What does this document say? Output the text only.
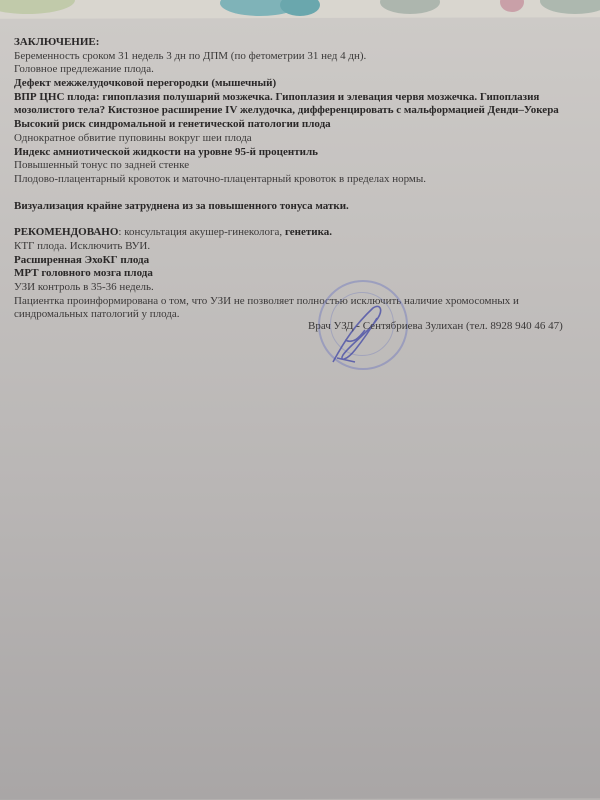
ЗАКЛЮЧЕНИЕ:
Беременность сроком 31 недель 3 дн по ДПМ (по фетометрии 31 нед 4 дн).
Головное предлежание плода.
Дефект межжелудочковой перегородки (мышечный)
ВПР ЦНС плода: гипоплазия полушарий мозжечка. Гипоплазия и элевация червя мозжечка. Гипоплазия
мозолистого тела? Кистозное расширение IV желудочка, дифференцировать с мальформацией Денди–Уокера
Высокий риск синдромальной и генетической патологии плода
Однократное обвитие пуповины вокруг шеи плода
Индекс амниотической жидкости на уровне 95-й процентиль
Повышенный тонус по задней стенке
Плодово-плацентарный кровоток и маточно-плацентарный кровоток в пределах нормы.
Визуализация крайне затруднена из за повышенного тонуса матки.
РЕКОМЕНДОВАНО: консультация акушер-гинеколога, генетика.
КТГ плода. Исключить ВУИ.
Расширенная ЭхоКГ плода
МРТ головного мозга плода
УЗИ контроль в 35-36 недель.
Пациентка проинформирована о том, что УЗИ не позволяет полностью исключить наличие хромосомных и
синдромальных патологий у плода.
Врач УЗД - Сентябриева Зулихан (тел. 8928 940 46 47)
